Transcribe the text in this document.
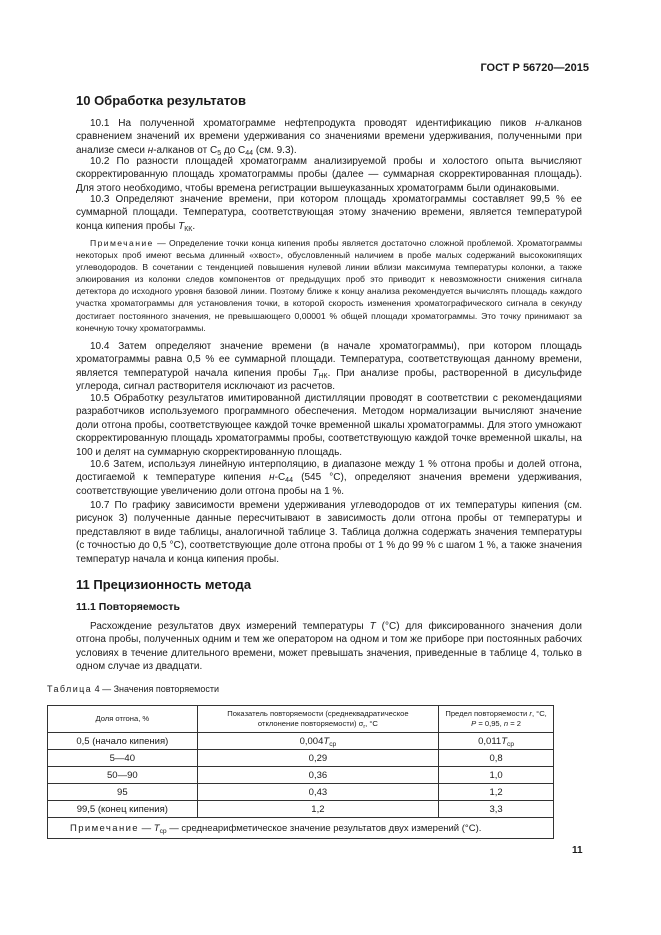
ГОСТ Р 56720—2015
10 Обработка результатов

10.1 На полученной хроматограмме нефтепродукта проводят идентификацию пиков н-алканов сравнением значений их времени удерживания со значениями времени удерживания, полученными при анализе смеси н-алканов от $C_5$ до $C_{44}$ (см. 9.3).

10.2 По разности площадей хроматограмм анализируемой пробы и холостого опыта вычисляют скорректированную площадь хроматограммы пробы (далее — суммарная скорректированная площадь). Для этого необходимо, чтобы времена регистрации вышеуказанных хроматограмм были одинаковыми.

10.3 Определяют значение времени, при котором площадь хроматограммы составляет 99,5 % ее суммарной площади. Температура, соответствующая этому значению времени, является температурой конца кипения пробы $T_{КК}$.

Примечание — Определение точки конца кипения пробы является достаточно сложной проблемой. Хроматограммы некоторых проб имеют весьма длинный «хвост», обусловленный наличием в пробе малых содержаний высококипящих углеводородов. В сочетании с тенденцией повышения нулевой линии вблизи максимума температуры колонки, а также элюирования из колонки следов компонентов от предыдущих проб это приводит к невозможности снижения сигнала детектора до исходного уровня базовой линии. Поэтому ближе к концу анализа рекомендуется вычислять площадь каждого участка хроматограммы для установления точки, в которой скорость изменения хроматографического сигнала в секунду достигает постоянного значения, не превышающего 0,00001 % общей площади хроматограммы. Это точку принимают за конечную точку хроматограммы.

10.4 Затем определяют значение времени (в начале хроматограммы), при котором площадь хроматограммы равна 0,5 % ее суммарной площади. Температура, соответствующая данному времени, является температурой начала кипения пробы $T_{НК}$. При анализе пробы, растворенной в дисульфиде углерода, сигнал растворителя исключают из расчетов.

10.5 Обработку результатов имитированной дистилляции проводят в соответствии с рекомендациями разработчиков используемого программного обеспечения. Методом нормализации вычисляют значение доли отгона пробы, соответствующее каждой точке временной шкалы хроматограммы. Для этого умножают скорректированную площадь хроматограммы пробы, соответствующую каждой точке временной шкалы, на 100 и делят на суммарную скорректированную площадь.

10.6 Затем, используя линейную интерполяцию, в диапазоне между 1 % отгона пробы и долей отгона, достигаемой к температуре кипения $н-C_{44}$ (545 °C), определяют значения времени удерживания, соответствующие увеличению доли отгона пробы на 1 %.

10.7 По графику зависимости времени удерживания углеводородов от их температуры кипения (см. рисунок 3) полученные данные пересчитывают в зависимость доли отгона пробы от температуры и представляют в виде таблицы, аналогичной таблице 3. Таблица должна содержать значения температуры (с точностью до 0,5 °C), соответствующие доле отгона пробы от 1 % до 99 % с шагом 1 %, а также значения температур начала и конца кипения пробы.

11 Прецизионность метода
11.1 Повторяемость

Расхождение результатов двух измерений температуры T (°C) для фиксированного значения доли отгона пробы, полученных одним и тем же оператором на одном и том же приборе при постоянных рабочих условиях в течение длительного времени, может превышать значения, приведенные в таблице 4, только в одном случае из двадцати.

Таблица 4 — Значения повторяемости
Доля отгона, %	Показатель повторяемости (среднеквадратическое
отклонение повторяемости) $\sigma_r$, °C	Предел повторяемости r, °C,
P = 0,95, n = 2
0,5 (начало кипения)	$0,004T_{ср}$	$0,011T_{ср}$
5—40	0,29	0,8
50—90	0,36	1,0
95	0,43	1,2
99,5 (конец кипения)	1,2	3,3
Примечание — $T_{ср}$ — среднеарифметическое значение результатов двух измерений (°C).		
11
